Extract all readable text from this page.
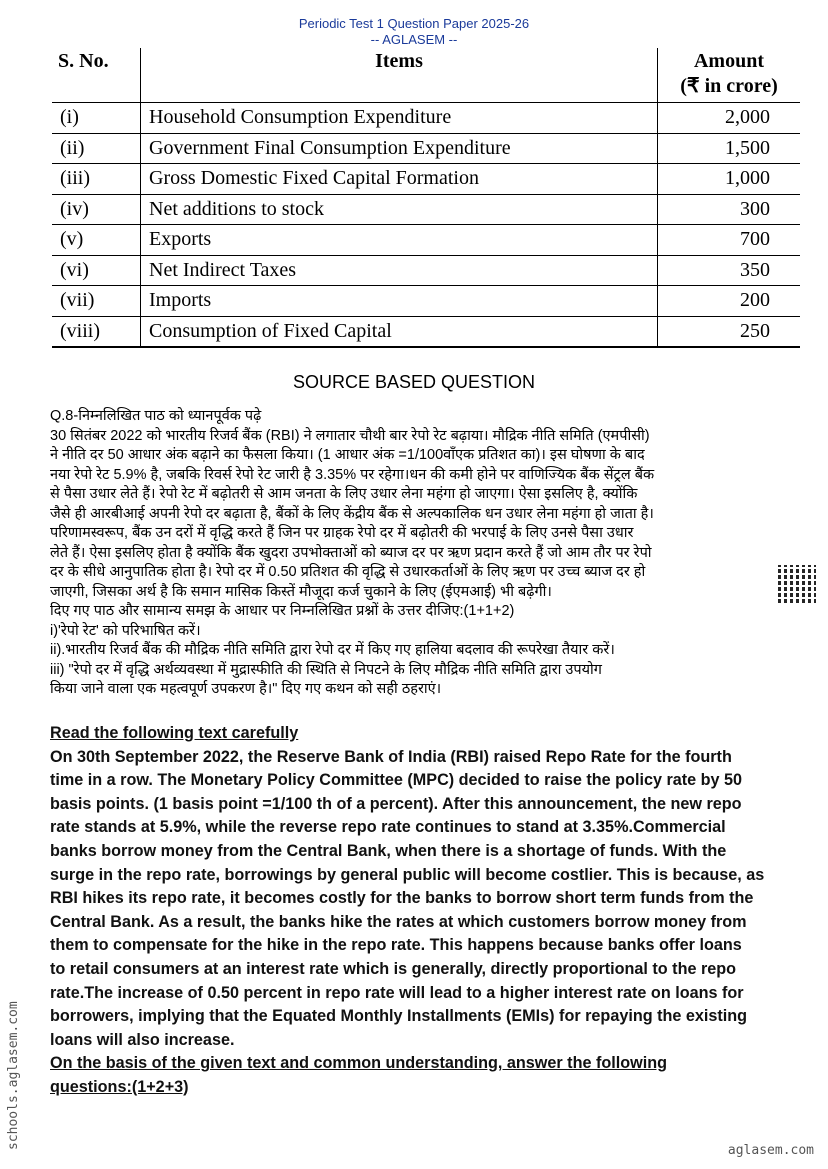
Periodic Test 1 Question Paper 2025-26
-- AGLASEM --
S. No.	Items	Amount
(₹ in crore)

(i)	Household Consumption Expenditure	2,000
(ii)	Government Final Consumption Expenditure	1,500
(iii)	Gross Domestic Fixed Capital Formation	1,000
(iv)	Net additions to stock	300
(v)	Exports	700
(vi)	Net Indirect Taxes	350
(vii)	Imports	200
(viii)	Consumption of Fixed Capital	250
SOURCE BASED QUESTION
Q.8-निम्नलिखित पाठ को ध्यानपूर्वक पढ़े
30 सितंबर 2022 को भारतीय रिजर्व बैंक (RBI) ने लगातार चौथी बार रेपो रेट बढ़ाया। मौद्रिक नीति समिति (एमपीसी)
ने नीति दर 50 आधार अंक बढ़ाने का फैसला किया। (1 आधार अंक =1/100वाँएक प्रतिशत का)। इस घोषणा के बाद
नया रेपो रेट 5.9% है, जबकि रिवर्स रेपो रेट जारी है 3.35% पर रहेगा।धन की कमी होने पर वाणिज्यिक बैंक सेंट्रल बैंक
से पैसा उधार लेते हैं। रेपो रेट में बढ़ोतरी से आम जनता के लिए उधार लेना महंगा हो जाएगा। ऐसा इसलिए है, क्योंकि
जैसे ही आरबीआई अपनी रेपो दर बढ़ाता है, बैंकों के लिए केंद्रीय बैंक से अल्पकालिक धन उधार लेना महंगा हो जाता है।
परिणामस्वरूप, बैंक उन दरों में वृद्धि करते हैं जिन पर ग्राहक रेपो दर में बढ़ोतरी की भरपाई के लिए उनसे पैसा उधार
लेते हैं। ऐसा इसलिए होता है क्योंकि बैंक खुदरा उपभोक्ताओं को ब्याज दर पर ऋण प्रदान करते हैं जो आम तौर पर रेपो
दर के सीधे आनुपातिक होता है। रेपो दर में 0.50 प्रतिशत की वृद्धि से उधारकर्ताओं के लिए ऋण पर उच्च ब्याज दर हो
जाएगी, जिसका अर्थ है कि समान मासिक किस्तें मौजूदा कर्ज चुकाने के लिए (ईएमआई) भी बढ़ेगी।
दिए गए पाठ और सामान्य समझ के आधार पर निम्नलिखित प्रश्नों के उत्तर दीजिए:(1+1+2)
i)'रेपो रेट' को परिभाषित करें।
ii).भारतीय रिजर्व बैंक की मौद्रिक नीति समिति द्वारा रेपो दर में किए गए हालिया बदलाव की रूपरेखा तैयार करें।
iii) "रेपो दर में वृद्धि अर्थव्यवस्था में मुद्रास्फीति की स्थिति से निपटने के लिए मौद्रिक नीति समिति द्वारा उपयोग
किया जाने वाला एक महत्वपूर्ण उपकरण है।" दिए गए कथन को सही ठहराएं।
Read the following text carefully
On 30th September 2022, the Reserve Bank of India (RBI) raised Repo Rate for the fourth
time in a row. The Monetary Policy Committee (MPC) decided to raise the policy rate by 50
basis points. (1 basis point =1/100 th of a percent). After this announcement, the new repo
rate stands at 5.9%, while the reverse repo rate continues to stand at 3.35%.Commercial
banks borrow money from the Central Bank, when there is a shortage of funds. With the
surge in the repo rate, borrowings by general public will become costlier. This is because, as
RBI hikes its repo rate, it becomes costly for the banks to borrow short term funds from the
Central Bank. As a result, the banks hike the rates at which customers borrow money from
them to compensate for the hike in the repo rate. This happens because banks offer loans
to retail consumers at an interest rate which is generally, directly proportional to the repo
rate.The increase of 0.50 percent in repo rate will lead to a higher interest rate on loans for
borrowers, implying that the Equated Monthly Installments (EMIs) for repaying the existing
loans will also increase.
On the basis of the given text and common understanding, answer the following
questions:(1+2+3)
schools.aglasem.com
aglasem.com
